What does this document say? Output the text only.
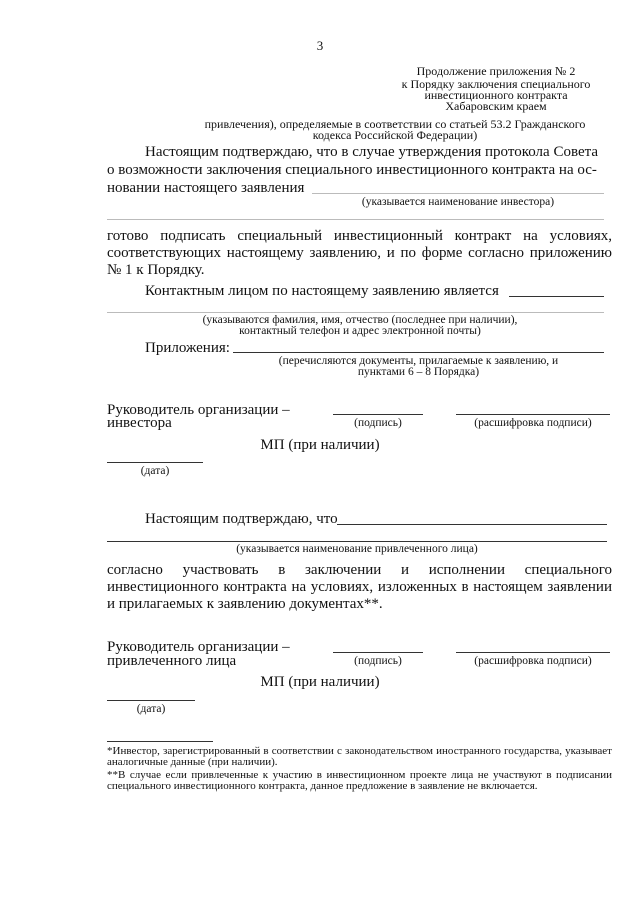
3
Продолжение приложения № 2
к Порядку заключения специального
инвестиционного контракта
Хабаровским краем
привлечения), определяемые в соответствии со статьей 53.2 Гражданского
кодекса Российской Федерации)
Настоящим подтверждаю, что в случае утверждения протокола Совета
о возможности заключения специального инвестиционного контракта на ос-
новании настоящего заявления
(указывается наименование инвестора)
готово подписать специальный инвестиционный контракт на условиях, соответствующих настоящему заявлению, и по форме согласно приложению № 1 к Порядку.
Контактным лицом по настоящему заявлению является
(указываются фамилия, имя, отчество (последнее при наличии),
контактный телефон и адрес электронной почты)
Приложения:
(перечисляются документы, прилагаемые к заявлению, и
пунктами 6 – 8 Порядка)
Руководитель организации –
инвестора	(подпись)	(расшифровка подписи)
МП (при наличии)
(дата)
Настоящим подтверждаю, что
(указывается наименование привлеченного лица)
согласно участвовать в заключении и исполнении специального инвестиционного контракта на условиях, изложенных в настоящем заявлении и прилагаемых к заявлению документах**.
Руководитель организации –
привлеченного лица	(подпись)	(расшифровка подписи)
МП (при наличии)
(дата)
*Инвестор, зарегистрированный в соответствии с законодательством иностранного государства, указывает аналогичные данные (при наличии).
**В случае если привлеченные к участию в инвестиционном проекте лица не участвуют в подписании специального инвестиционного контракта, данное предложение в заявление не включается.
